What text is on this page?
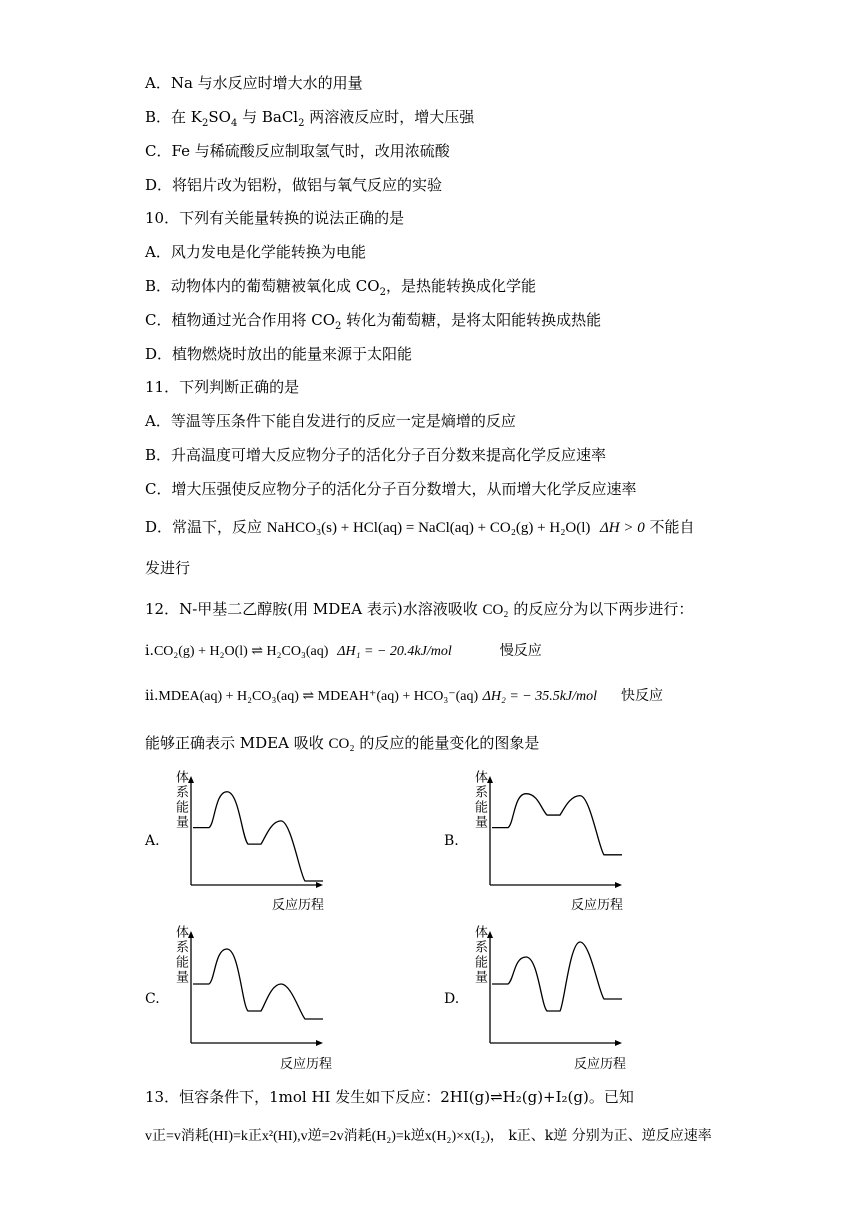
A．Na 与水反应时增大水的用量
B．在 $K_2SO_4$ 与 BaCl$_2$ 两溶液反应时，增大压强
C．Fe 与稀硫酸反应制取氢气时，改用浓硫酸
D．将铝片改为铝粉，做铝与氧气反应的实验
10．下列有关能量转换的说法正确的是
A．风力发电是化学能转换为电能
B．动物体内的葡萄糖被氧化成 $CO_2$，是热能转换成化学能
C．植物通过光合作用将 $CO_2$ 转化为葡萄糖，是将太阳能转换成热能
D．植物燃烧时放出的能量来源于太阳能
11．下列判断正确的是
A．等温等压条件下能自发进行的反应一定是熵增的反应
B．升高温度可增大反应物分子的活化分子百分数来提高化学反应速率
C．增大压强使反应物分子的活化分子百分数增大，从而增大化学反应速率
D．常温下，反应 NaHCO₃(s) + HCl(aq) = NaCl(aq) + CO₂(g) + H₂O(l) ΔH > 0 不能自
发进行
12．N-甲基二乙醇胺(用 MDEA 表示)水溶液吸收 CO₂ 的反应分为以下两步进行：
i.CO₂(g) + H₂O(l) ⇌ H₂CO₃(aq) ΔH₁ = − 20.4kJ/mol	慢反应
ii.MDEA(aq) + H₂CO₃(aq) ⇌ MDEAH⁺(aq) + HCO₃⁻(aq) ΔH₂ = − 35.5kJ/mol 快反应
能够正确表示 MDEA 吸收 CO₂ 的反应的能量变化的图象是
体系能量
A.
反应历程
体系能量
B.
反应历程
体系能量
C.
反应历程
体系能量
D.
反应历程
13．恒容条件下，1mol HI 发生如下反应：2HI(g)⇌H₂(g)+I₂(g)。已知
v正=v消耗(HI)=k正x²(HI),v逆=2v消耗(H₂)=k逆x(H₂)×x(I₂)， k正、k逆 分别为正、逆反应速率
